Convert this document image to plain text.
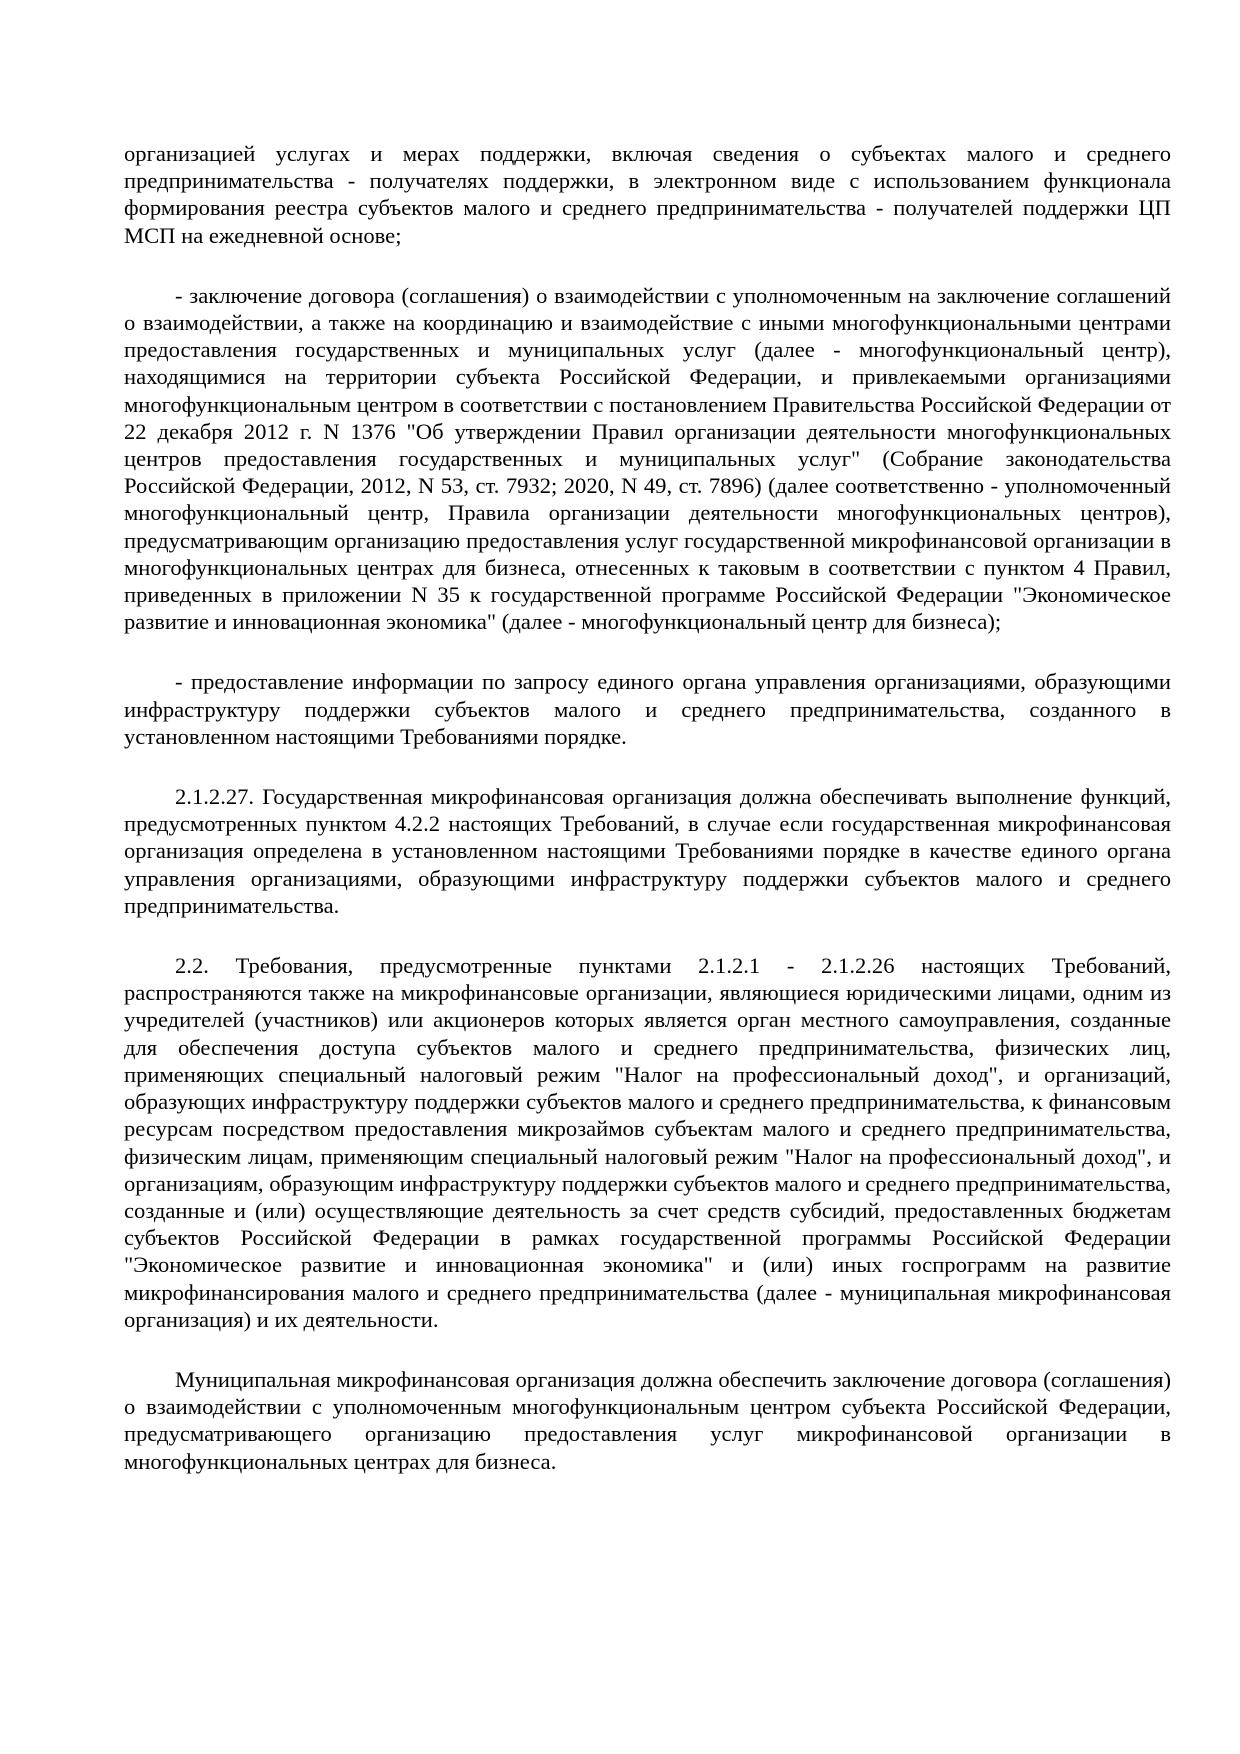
организацией услугах и мерах поддержки, включая сведения о субъектах малого и среднего предпринимательства - получателях поддержки, в электронном виде с использованием функционала формирования реестра субъектов малого и среднего предпринимательства - получателей поддержки ЦП МСП на ежедневной основе;

- заключение договора (соглашения) о взаимодействии с уполномоченным на заключение соглашений о взаимодействии, а также на координацию и взаимодействие с иными многофункциональными центрами предоставления государственных и муниципальных услуг (далее - многофункциональный центр), находящимися на территории субъекта Российской Федерации, и привлекаемыми организациями многофункциональным центром в соответствии с постановлением Правительства Российской Федерации от 22 декабря 2012 г. N 1376 "Об утверждении Правил организации деятельности многофункциональных центров предоставления государственных и муниципальных услуг" (Собрание законодательства Российской Федерации, 2012, N 53, ст. 7932; 2020, N 49, ст. 7896) (далее соответственно - уполномоченный многофункциональный центр, Правила организации деятельности многофункциональных центров), предусматривающим организацию предоставления услуг государственной микрофинансовой организации в многофункциональных центрах для бизнеса, отнесенных к таковым в соответствии с пунктом 4 Правил, приведенных в приложении N 35 к государственной программе Российской Федерации "Экономическое развитие и инновационная экономика" (далее - многофункциональный центр для бизнеса);

- предоставление информации по запросу единого органа управления организациями, образующими инфраструктуру поддержки субъектов малого и среднего предпринимательства, созданного в установленном настоящими Требованиями порядке.

2.1.2.27. Государственная микрофинансовая организация должна обеспечивать выполнение функций, предусмотренных пунктом 4.2.2 настоящих Требований, в случае если государственная микрофинансовая организация определена в установленном настоящими Требованиями порядке в качестве единого органа управления организациями, образующими инфраструктуру поддержки субъектов малого и среднего предпринимательства.

2.2. Требования, предусмотренные пунктами 2.1.2.1 - 2.1.2.26 настоящих Требований, распространяются также на микрофинансовые организации, являющиеся юридическими лицами, одним из учредителей (участников) или акционеров которых является орган местного самоуправления, созданные для обеспечения доступа субъектов малого и среднего предпринимательства, физических лиц, применяющих специальный налоговый режим "Налог на профессиональный доход", и организаций, образующих инфраструктуру поддержки субъектов малого и среднего предпринимательства, к финансовым ресурсам посредством предоставления микрозаймов субъектам малого и среднего предпринимательства, физическим лицам, применяющим специальный налоговый режим "Налог на профессиональный доход", и организациям, образующим инфраструктуру поддержки субъектов малого и среднего предпринимательства, созданные и (или) осуществляющие деятельность за счет средств субсидий, предоставленных бюджетам субъектов Российской Федерации в рамках государственной программы Российской Федерации "Экономическое развитие и инновационная экономика" и (или) иных госпрограмм на развитие микрофинансирования малого и среднего предпринимательства (далее - муниципальная микрофинансовая организация) и их деятельности.

Муниципальная микрофинансовая организация должна обеспечить заключение договора (соглашения) о взаимодействии с уполномоченным многофункциональным центром субъекта Российской Федерации, предусматривающего организацию предоставления услуг микрофинансовой организации в многофункциональных центрах для бизнеса.
